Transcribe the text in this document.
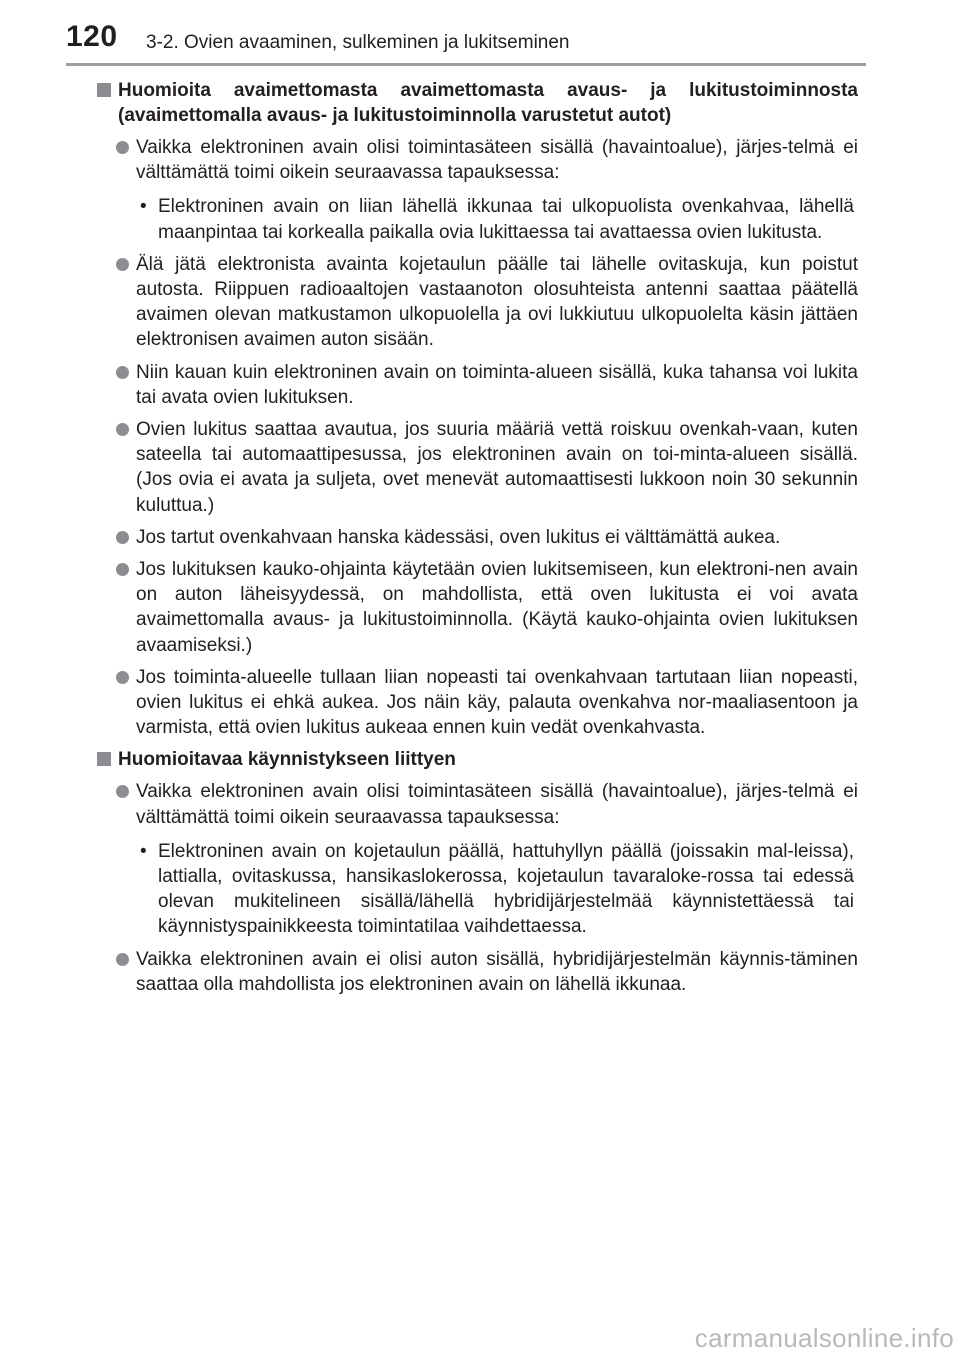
120 3-2. Ovien avaaminen, sulkeminen ja lukitseminen
Huomioita avaimettomasta avaimettomasta avaus- ja lukitustoiminnosta (avaimettomalla avaus- ja lukitustoiminnolla varustetut autot)
Vaikka elektroninen avain olisi toimintasäteen sisällä (havaintoalue), järjes-telmä ei välttämättä toimi oikein seuraavassa tapauksessa:
• Elektroninen avain on liian lähellä ikkunaa tai ulkopuolista ovenkahvaa, lähellä maanpintaa tai korkealla paikalla ovia lukittaessa tai avattaessa ovien lukitusta.
Älä jätä elektronista avainta kojetaulun päälle tai lähelle ovitaskuja, kun poistut autosta. Riippuen radioaaltojen vastaanoton olosuhteista antenni saattaa päätellä avaimen olevan matkustamon ulkopuolella ja ovi lukkiutuu ulkopuolelta käsin jättäen elektronisen avaimen auton sisään.
Niin kauan kuin elektroninen avain on toiminta-alueen sisällä, kuka tahansa voi lukita tai avata ovien lukituksen.
Ovien lukitus saattaa avautua, jos suuria määriä vettä roiskuu ovenkah-vaan, kuten sateella tai automaattipesussa, jos elektroninen avain on toi-minta-alueen sisällä. (Jos ovia ei avata ja suljeta, ovet menevät automaattisesti lukkoon noin 30 sekunnin kuluttua.)
Jos tartut ovenkahvaan hanska kädessäsi, oven lukitus ei välttämättä aukea.
Jos lukituksen kauko-ohjainta käytetään ovien lukitsemiseen, kun elektroni-nen avain on auton läheisyydessä, on mahdollista, että oven lukitusta ei voi avata avaimettomalla avaus- ja lukitustoiminnolla. (Käytä kauko-ohjainta ovien lukituksen avaamiseksi.)
Jos toiminta-alueelle tullaan liian nopeasti tai ovenkahvaan tartutaan liian nopeasti, ovien lukitus ei ehkä aukea. Jos näin käy, palauta ovenkahva nor-maaliasentoon ja varmista, että ovien lukitus aukeaa ennen kuin vedät ovenkahvasta.
Huomioitavaa käynnistykseen liittyen
Vaikka elektroninen avain olisi toimintasäteen sisällä (havaintoalue), järjes-telmä ei välttämättä toimi oikein seuraavassa tapauksessa:
• Elektroninen avain on kojetaulun päällä, hattuhyllyn päällä (joissakin mal-leissa), lattialla, ovitaskussa, hansikaslokerossa, kojetaulun tavaraloke-rossa tai edessä olevan mukitelineen sisällä/lähellä hybridijärjestelmää käynnistettäessä tai käynnistyspainikkeesta toimintatilaa vaihdettaessa.
Vaikka elektroninen avain ei olisi auton sisällä, hybridijärjestelmän käynnis-täminen saattaa olla mahdollista jos elektroninen avain on lähellä ikkunaa.
carmanualsonline.info
